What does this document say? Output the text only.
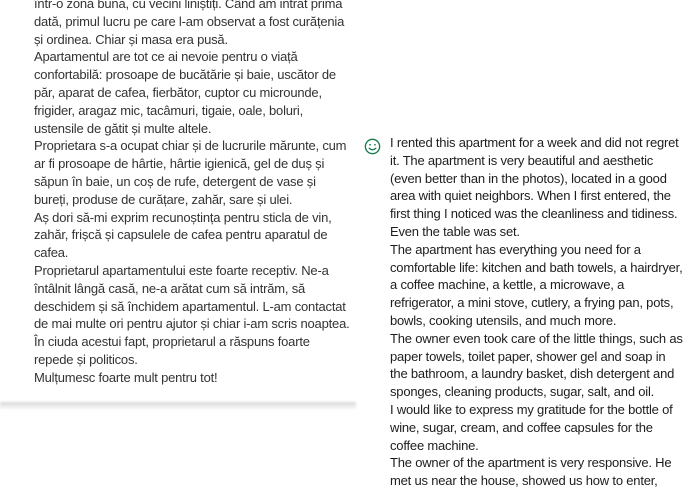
într-o zonă bună, cu vecini liniștiți. Când am intrat prima dată, primul lucru pe care l-am observat a fost curățenia și ordinea. Chiar și masa era pusă.

Apartamentul are tot ce ai nevoie pentru o viață confortabilă: prosoape de bucătărie și baie, uscător de păr, aparat de cafea, fierbător, cuptor cu microunde, frigider, aragaz mic, tacâmuri, tigaie, oale, boluri, ustensile de gătit și multe altele.

Proprietara s-a ocupat chiar și de lucrurile mărunte, cum ar fi prosoape de hârtie, hârtie igienică, gel de duș și săpun în baie, un coș de rufe, detergent de vase și bureți, produse de curățare, zahăr, sare și ulei.

Aș dori să-mi exprim recunoștința pentru sticla de vin, zahăr, frișcă și capsulele de cafea pentru aparatul de cafea.

Proprietarul apartamentului este foarte receptiv. Ne-a întâlnit lângă casă, ne-a arătat cum să intrăm, să deschidem și să închidem apartamentul. L-am contactat de mai multe ori pentru ajutor și chiar i-am scris noaptea. În ciuda acestui fapt, proprietarul a răspuns foarte repede și politicos.

Mulțumesc foarte mult pentru tot!

I rented this apartment for a week and did not regret it. The apartment is very beautiful and aesthetic (even better than in the photos), located in a good area with quiet neighbors. When I first entered, the first thing I noticed was the cleanliness and tidiness. Even the table was set.

The apartment has everything you need for a comfortable life: kitchen and bath towels, a hairdryer, a coffee machine, a kettle, a microwave, a refrigerator, a mini stove, cutlery, a frying pan, pots, bowls, cooking utensils, and much more.

The owner even took care of the little things, such as paper towels, toilet paper, shower gel and soap in the bathroom, a laundry basket, dish detergent and sponges, cleaning products, sugar, salt, and oil.

I would like to express my gratitude for the bottle of wine, sugar, cream, and coffee capsules for the coffee machine.

The owner of the apartment is very responsive. He met us near the house, showed us how to enter,
